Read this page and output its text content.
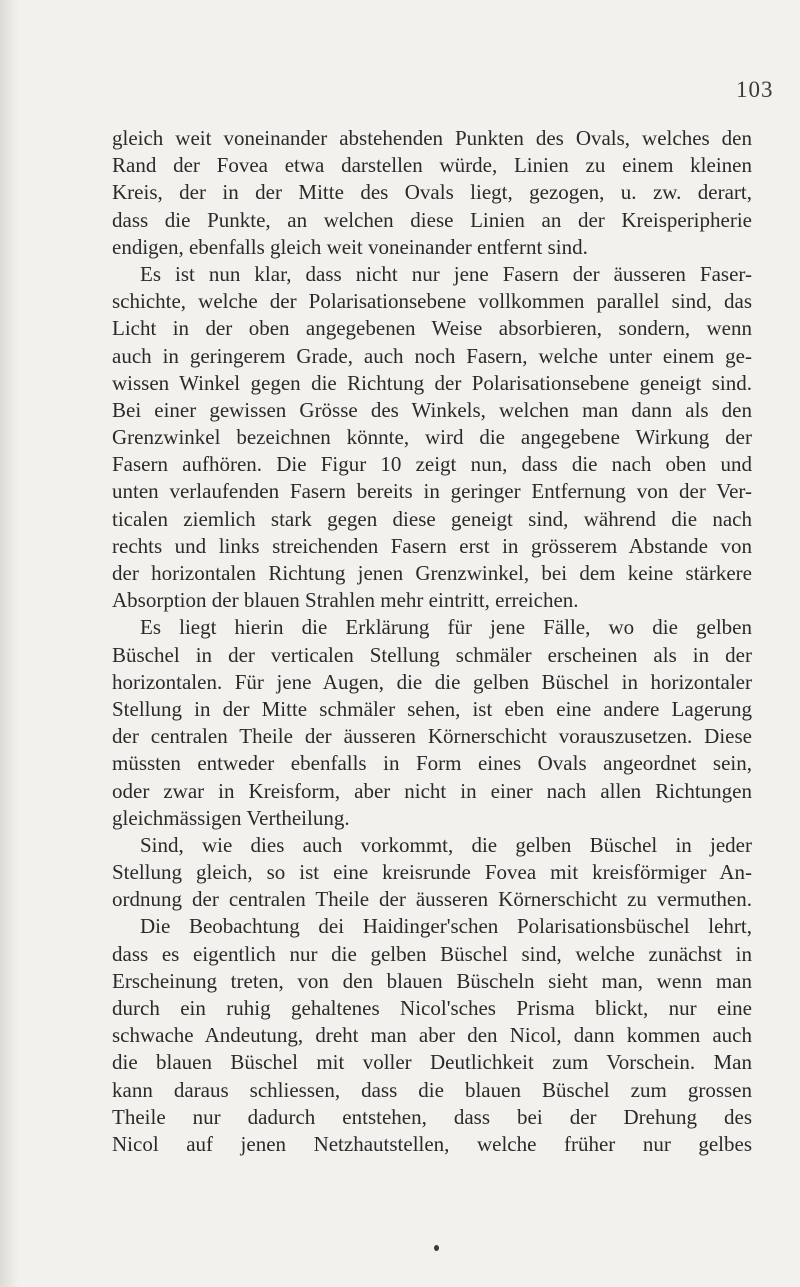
103
gleich weit voneinander abstehenden Punkten des Ovals, welches den
Rand der Fovea etwa darstellen würde, Linien zu einem kleinen
Kreis, der in der Mitte des Ovals liegt, gezogen, u. zw. derart,
dass die Punkte, an welchen diese Linien an der Kreisperipherie
endigen, ebenfalls gleich weit voneinander entfernt sind.
Es ist nun klar, dass nicht nur jene Fasern der äusseren Faser-
schichte, welche der Polarisationsebene vollkommen parallel sind, das
Licht in der oben angegebenen Weise absorbieren, sondern, wenn
auch in geringerem Grade, auch noch Fasern, welche unter einem ge-
wissen Winkel gegen die Richtung der Polarisationsebene geneigt sind.
Bei einer gewissen Grösse des Winkels, welchen man dann als den
Grenzwinkel bezeichnen könnte, wird die angegebene Wirkung der
Fasern aufhören. Die Figur 10 zeigt nun, dass die nach oben und
unten verlaufenden Fasern bereits in geringer Entfernung von der Ver-
ticalen ziemlich stark gegen diese geneigt sind, während die nach
rechts und links streichenden Fasern erst in grösserem Abstande von
der horizontalen Richtung jenen Grenzwinkel, bei dem keine stärkere
Absorption der blauen Strahlen mehr eintritt, erreichen.
Es liegt hierin die Erklärung für jene Fälle, wo die gelben
Büschel in der verticalen Stellung schmäler erscheinen als in der
horizontalen. Für jene Augen, die die gelben Büschel in horizontaler
Stellung in der Mitte schmäler sehen, ist eben eine andere Lagerung
der centralen Theile der äusseren Körnerschicht vorauszusetzen. Diese
müssten entweder ebenfalls in Form eines Ovals angeordnet sein,
oder zwar in Kreisform, aber nicht in einer nach allen Richtungen
gleichmässigen Vertheilung.
Sind, wie dies auch vorkommt, die gelben Büschel in jeder
Stellung gleich, so ist eine kreisrunde Fovea mit kreisförmiger An-
ordnung der centralen Theile der äusseren Körnerschicht zu vermuthen.
Die Beobachtung dei Haidinger'schen Polarisationsbüschel lehrt,
dass es eigentlich nur die gelben Büschel sind, welche zunächst in
Erscheinung treten, von den blauen Büscheln sieht man, wenn man
durch ein ruhig gehaltenes Nicol'sches Prisma blickt, nur eine
schwache Andeutung, dreht man aber den Nicol, dann kommen auch
die blauen Büschel mit voller Deutlichkeit zum Vorschein. Man
kann daraus schliessen, dass die blauen Büschel zum grossen
Theile nur dadurch entstehen, dass bei der Drehung des
Nicol auf jenen Netzhautstellen, welche früher nur gelbes
